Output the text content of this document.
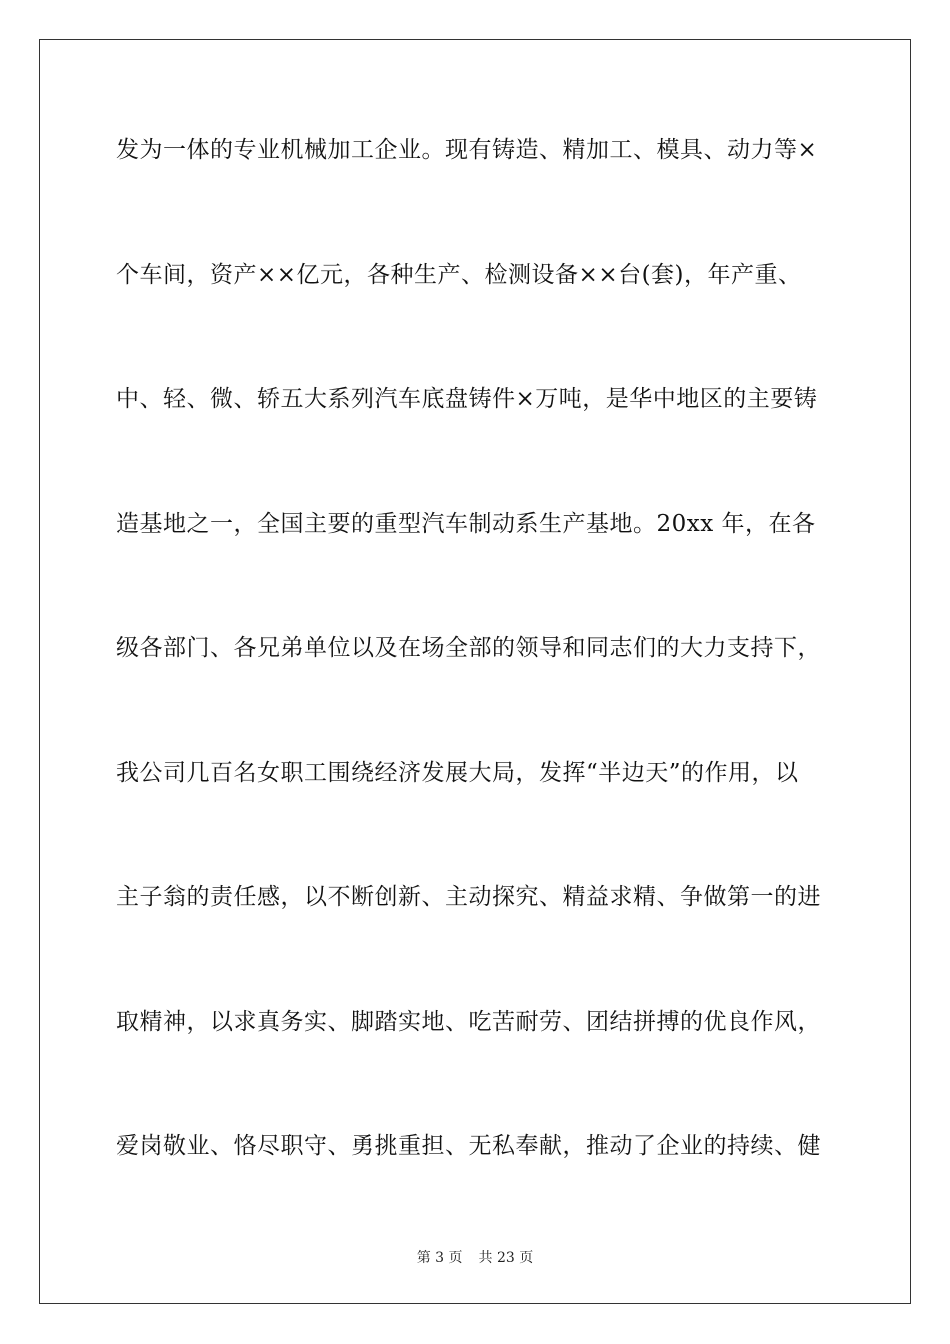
发为一体的专业机械加工企业。现有铸造、精加工、模具、动力等×
个车间，资产××亿元，各种生产、检测设备××台(套)，年产重、
中、轻、微、轿五大系列汽车底盘铸件×万吨，是华中地区的主要铸
造基地之一，全国主要的重型汽车制动系生产基地。20xx 年，在各
级各部门、各兄弟单位以及在场全部的领导和同志们的大力支持下，
我公司几百名女职工围绕经济发展大局，发挥“半边天”的作用，以
主子翁的责任感，以不断创新、主动探究、精益求精、争做第一的进
取精神，以求真务实、脚踏实地、吃苦耐劳、团结拼搏的优良作风，
爱岗敬业、恪尽职守、勇挑重担、无私奉献，推动了企业的持续、健
第 3 页 共 23 页
